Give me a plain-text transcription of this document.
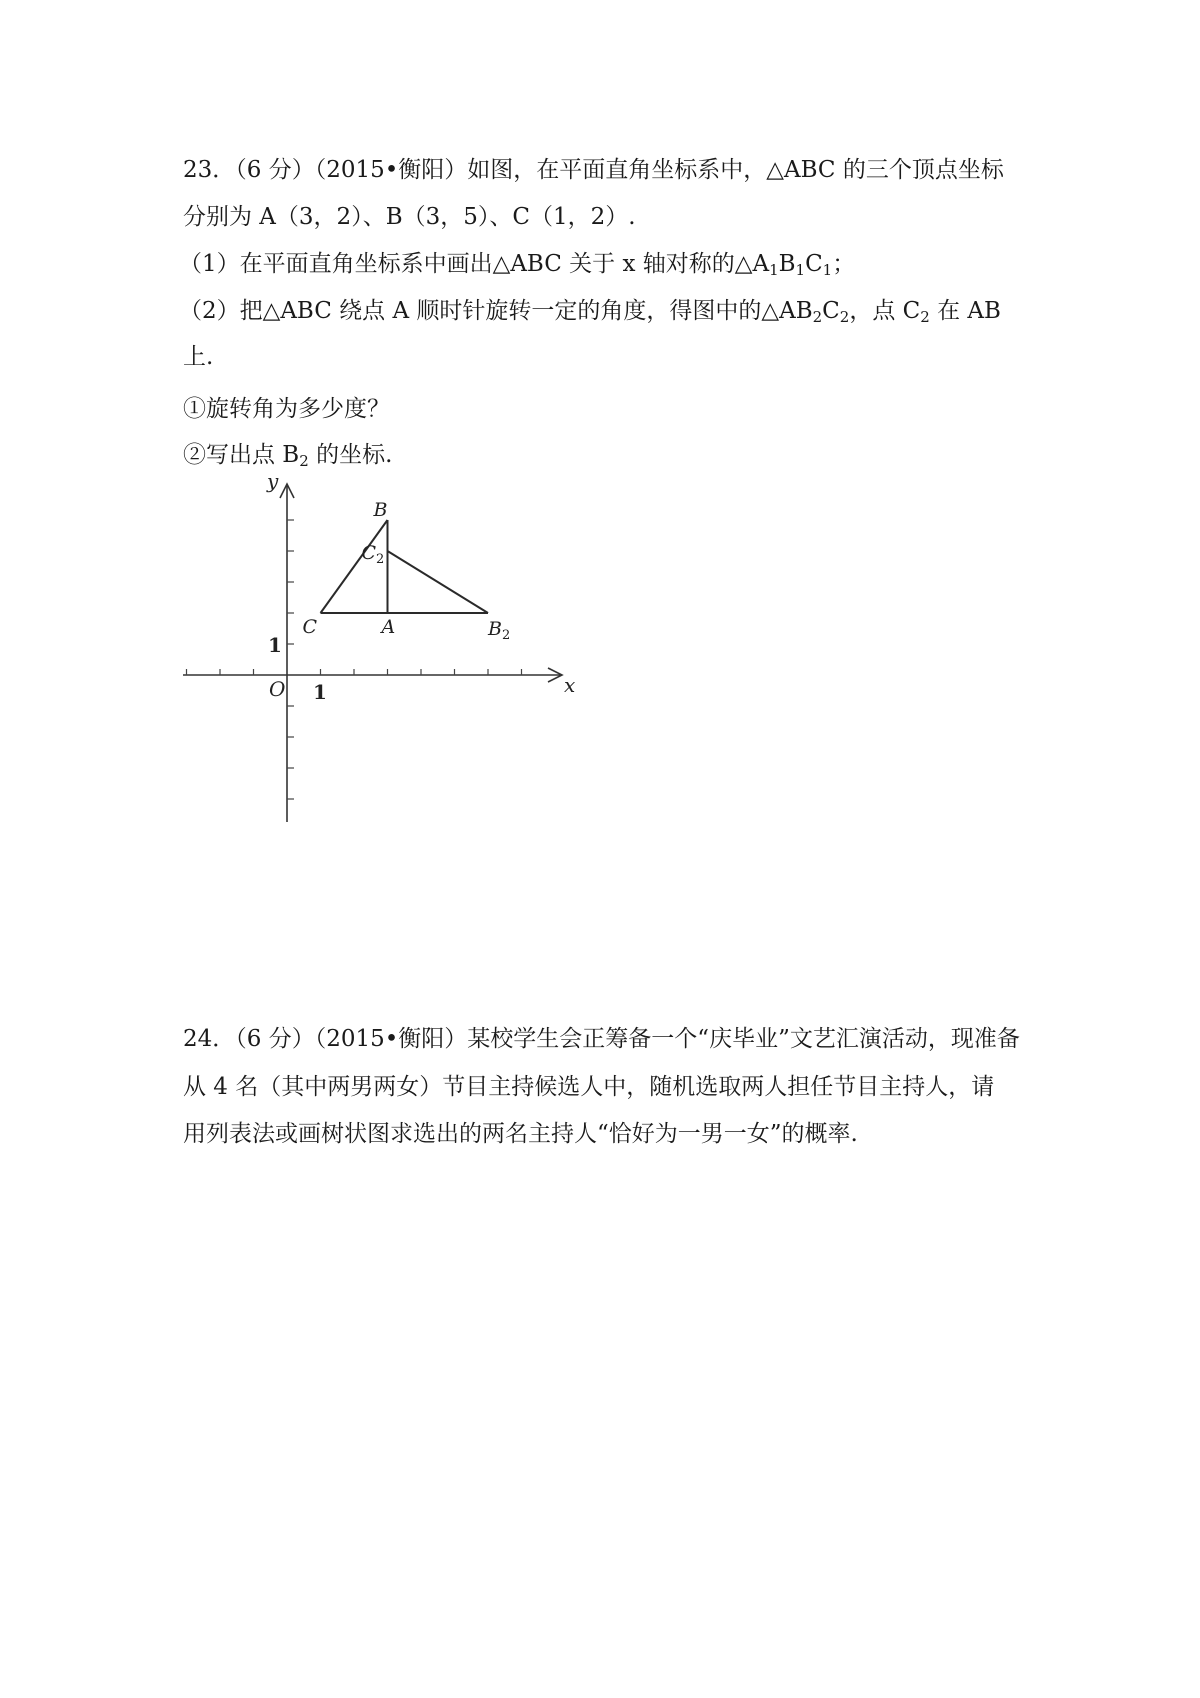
23．（6 分）（2015•衡阳）如图，在平面直角坐标系中，△ABC 的三个顶点坐标
分别为 A（3，2）、B（3，5）、C（1，2）.
（1）在平面直角坐标系中画出△ABC 关于 x 轴对称的$\triangle A_1B_1C_1$；
（2）把△ABC 绕点 A 顺时针旋转一定的角度，得图中的$\triangle AB_2C_2$，点 $C_2$ 在 AB
上.
①旋转角为多少度？
②写出点 $B_2$ 的坐标.
x
y
O 1
1
A
B
C	$B_2$
$C_2$
24．（6 分）（2015•衡阳）某校学生会正筹备一个“庆毕业”文艺汇演活动，现准备
从 4 名（其中两男两女）节目主持候选人中，随机选取两人担任节目主持人，请
用列表法或画树状图求选出的两名主持人“恰好为一男一女”的概率.
